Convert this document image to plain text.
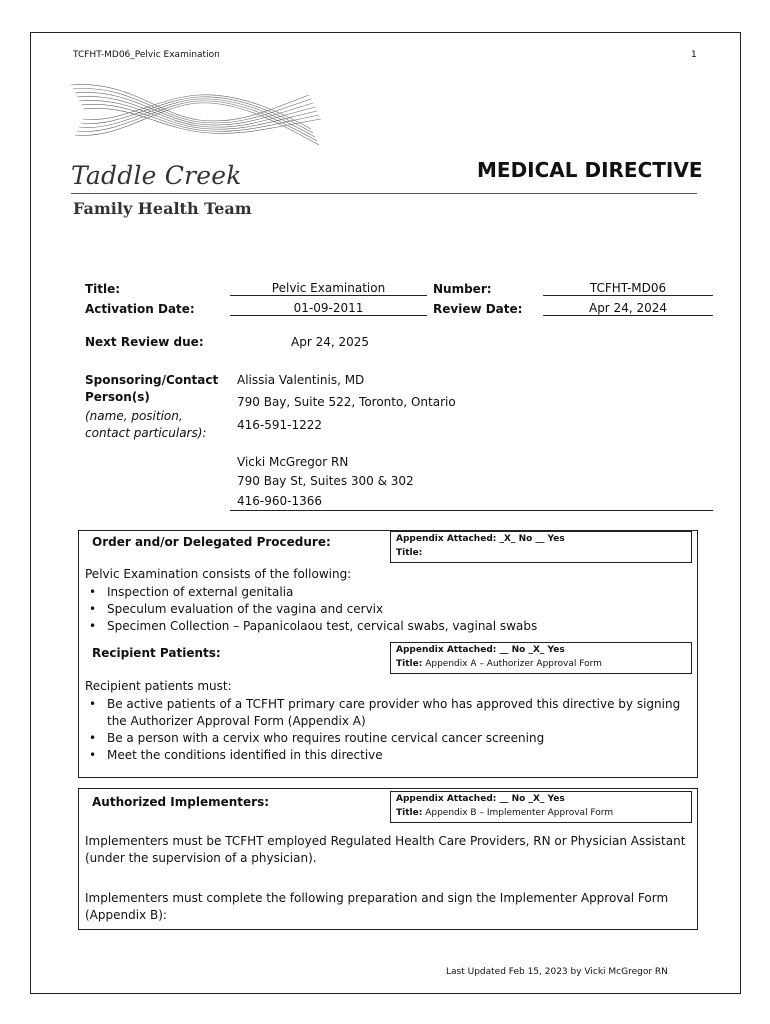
TCFHT-MD06_Pelvic Examination	1
Taddle Creek
Family Health Team
MEDICAL DIRECTIVE
Title:	Pelvic Examination	Number:	TCFHT-MD06
Activation Date:	01-09-2011	Review Date:	Apr 24, 2024
Next Review due:	Apr 24, 2025
Sponsoring/Contact
Person(s)
(name, position,
contact particulars):
Alissia Valentinis, MD
790 Bay, Suite 522, Toronto, Ontario
416-591-1222
Vicki McGregor RN
790 Bay St, Suites 300 & 302
416-960-1366
Order and/or Delegated Procedure:	Appendix Attached: _X_ No __ Yes
Title:
Pelvic Examination consists of the following:
• Inspection of external genitalia
• Speculum evaluation of the vagina and cervix
• Specimen Collection – Papanicolaou test, cervical swabs, vaginal swabs
Recipient Patients:	Appendix Attached: __ No _X_ Yes
Title: Appendix A – Authorizer Approval Form
Recipient patients must:
• Be active patients of a TCFHT primary care provider who has approved this directive by signing the Authorizer Approval Form (Appendix A)
• Be a person with a cervix who requires routine cervical cancer screening
• Meet the conditions identified in this directive
Authorized Implementers:	Appendix Attached: __ No _X_ Yes
Title: Appendix B – Implementer Approval Form
Implementers must be TCFHT employed Regulated Health Care Providers, RN or Physician Assistant (under the supervision of a physician).
Implementers must complete the following preparation and sign the Implementer Approval Form (Appendix B):
Last Updated Feb 15, 2023 by Vicki McGregor RN
